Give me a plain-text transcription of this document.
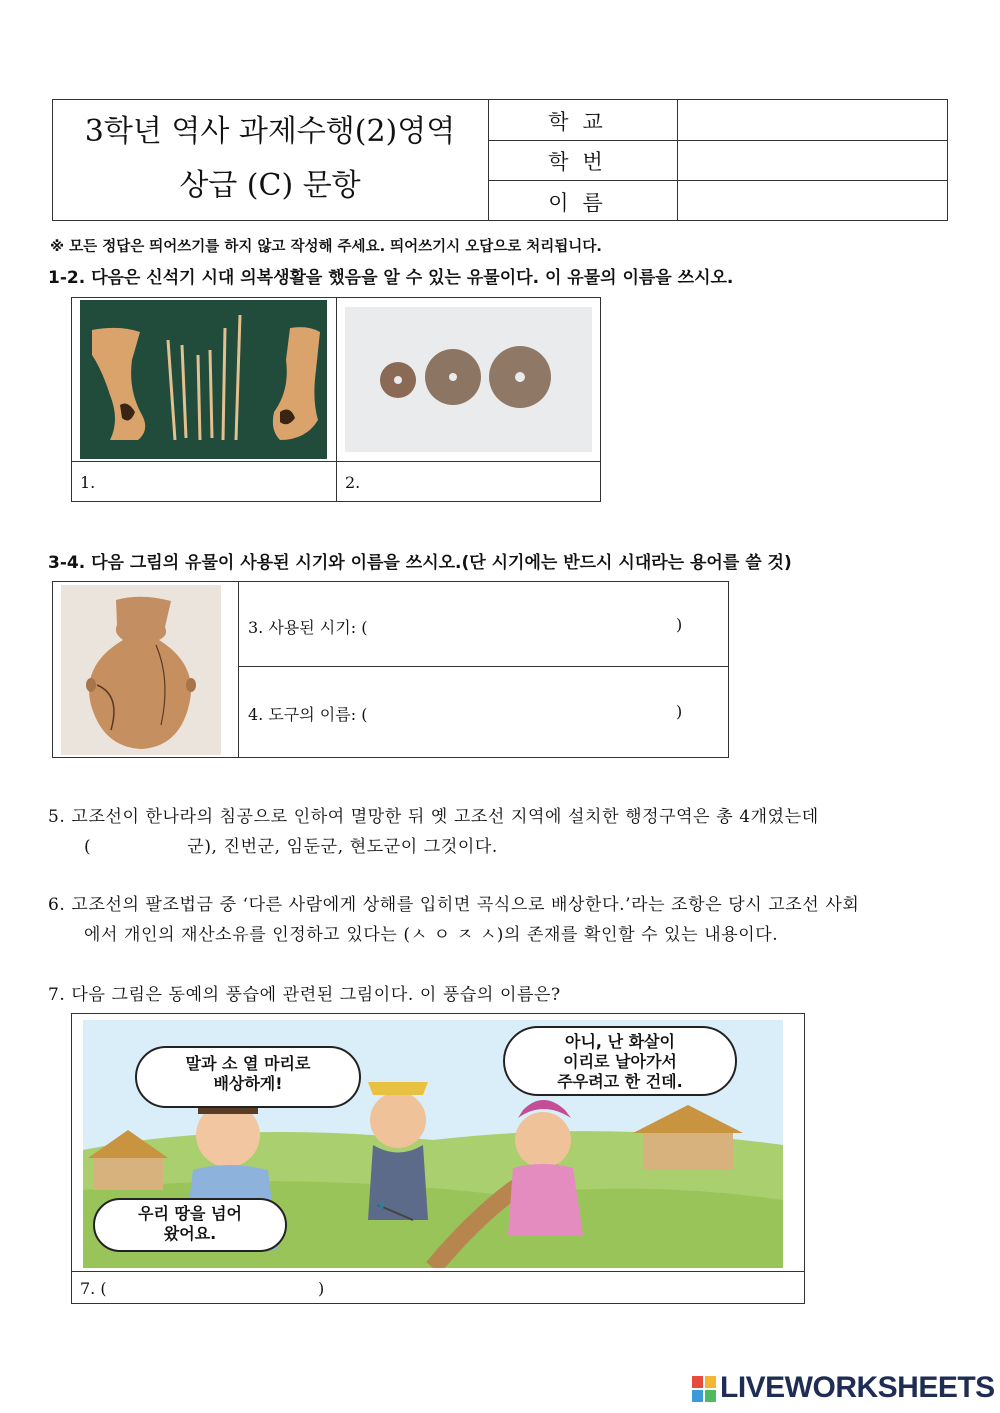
3학년 역사 과제수행(2)영역
상급 (C) 문항
학교
학번
이름
※ 모든 정답은 띄어쓰기를 하지 않고 작성해 주세요. 띄어쓰기시 오답으로 처리됩니다.
1-2. 다음은 신석기 시대 의복생활을 했음을 알 수 있는 유물이다. 이 유물의 이름을 쓰시오.
1.	2.
3-4. 다음 그림의 유물이 사용된 시기와 이름을 쓰시오.(단 시기에는 반드시 시대라는 용어를 쓸 것)
3. 사용된 시기: (	)
4. 도구의 이름: (	)
5. 고조선이 한나라의 침공으로 인하여 멸망한 뒤 옛 고조선 지역에 설치한 행정구역은 총 4개였는데
(                군), 진번군, 임둔군, 현도군이 그것이다.
6. 고조선의 팔조법금 중 ‘다른 사람에게 상해를 입히면 곡식으로 배상한다.’라는 조항은 당시 고조선 사회
에서 개인의 재산소유를 인정하고 있다는 (ㅅ ㅇ ㅈ ㅅ)의 존재를 확인할 수 있는 내용이다.
7. 다음 그림은 동예의 풍습에 관련된 그림이다. 이 풍습의 이름은?
말과 소 열 마리로
배상하게!
아니, 난 화살이
이리로 날아가서
주우려고 한 건데.
우리 땅을 넘어
왔어요.
7. (	)
LIVEWORKSHEETS
